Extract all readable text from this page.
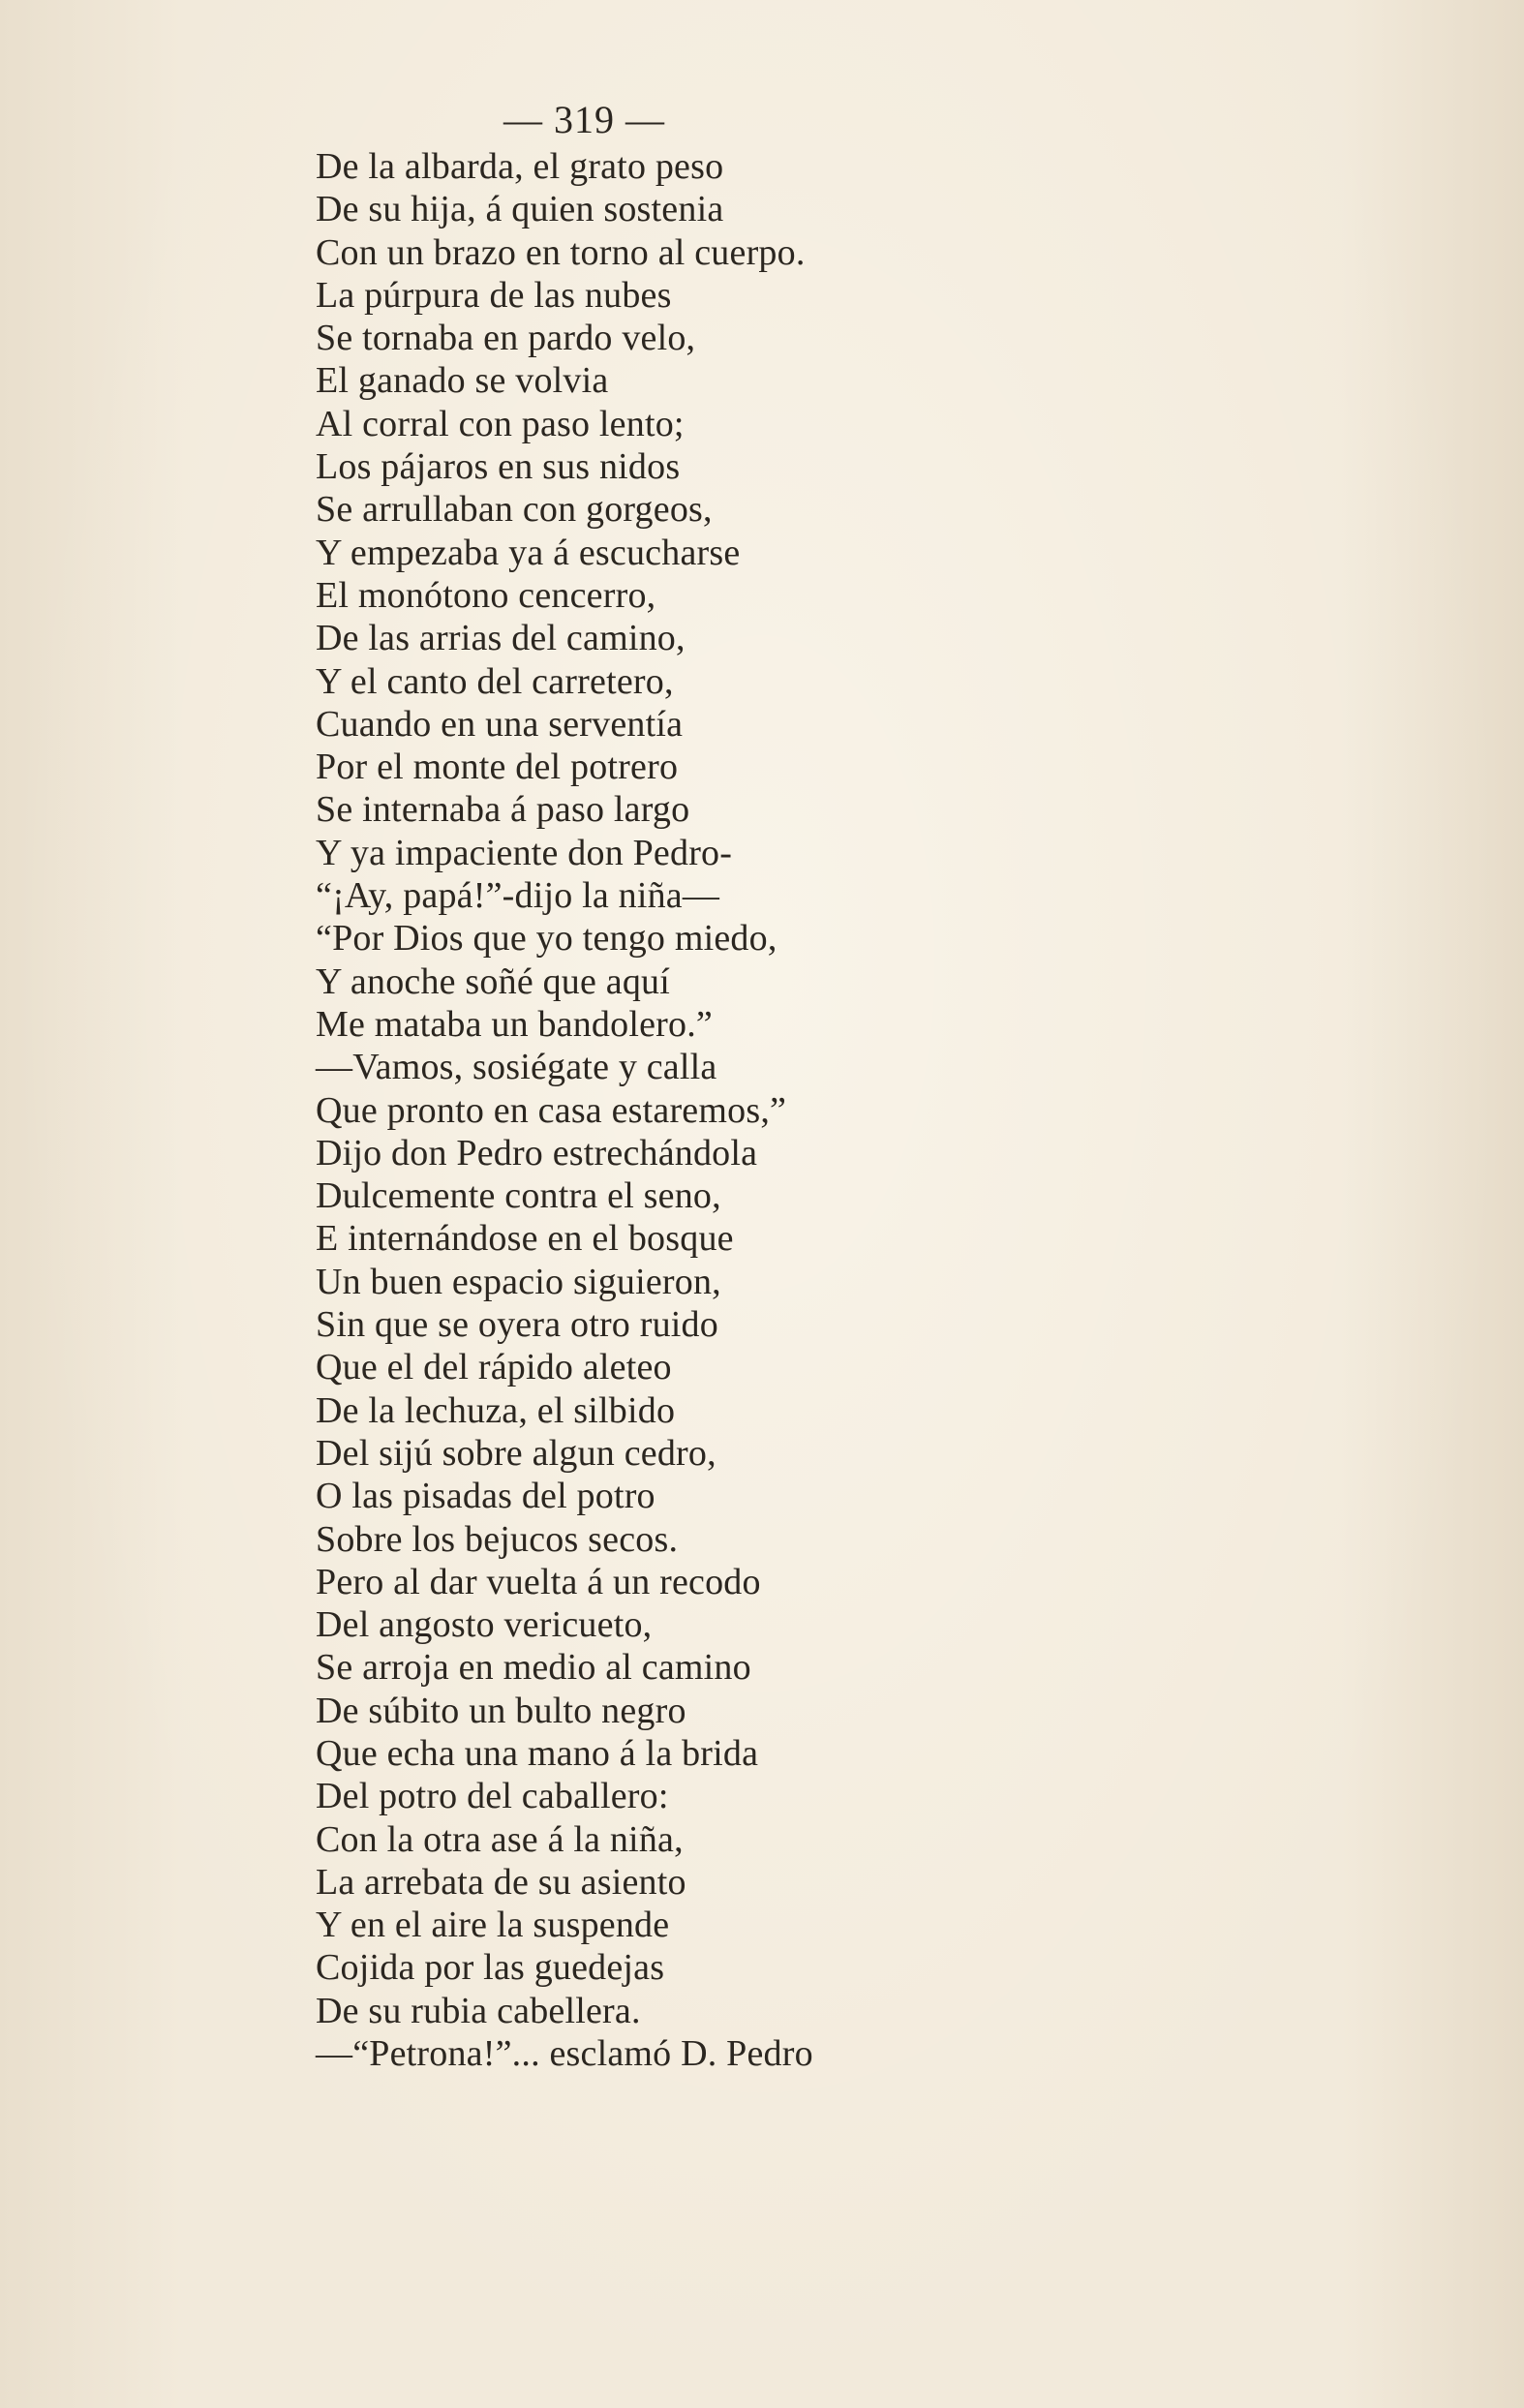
— 319 —
De la albarda, el grato peso
De su hija, á quien sostenia
Con un brazo en torno al cuerpo.
La púrpura de las nubes
Se tornaba en pardo velo,
El ganado se volvia
Al corral con paso lento;
Los pájaros en sus nidos
Se arrullaban con gorgeos,
Y empezaba ya á escucharse
El monótono cencerro,
De las arrias del camino,
Y el canto del carretero,
Cuando en una serventía
Por el monte del potrero
Se internaba á paso largo
Y ya impaciente don Pedro-
“¡Ay, papá!”-dijo la niña—
“Por Dios que yo tengo miedo,
Y anoche soñé que aquí
Me mataba un bandolero.”
—Vamos, sosiégate y calla
Que pronto en casa estaremos,”
Dijo don Pedro estrechándola
Dulcemente contra el seno,
E internándose en el bosque
Un buen espacio siguieron,
Sin que se oyera otro ruido
Que el del rápido aleteo
De la lechuza, el silbido
Del sijú sobre algun cedro,
O las pisadas del potro
Sobre los bejucos secos.
Pero al dar vuelta á un recodo
Del angosto vericueto,
Se arroja en medio al camino
De súbito un bulto negro
Que echa una mano á la brida
Del potro del caballero:
Con la otra ase á la niña,
La arrebata de su asiento
Y en el aire la suspende
Cojida por las guedejas
De su rubia cabellera.
—“Petrona!”... esclamó D. Pedro
